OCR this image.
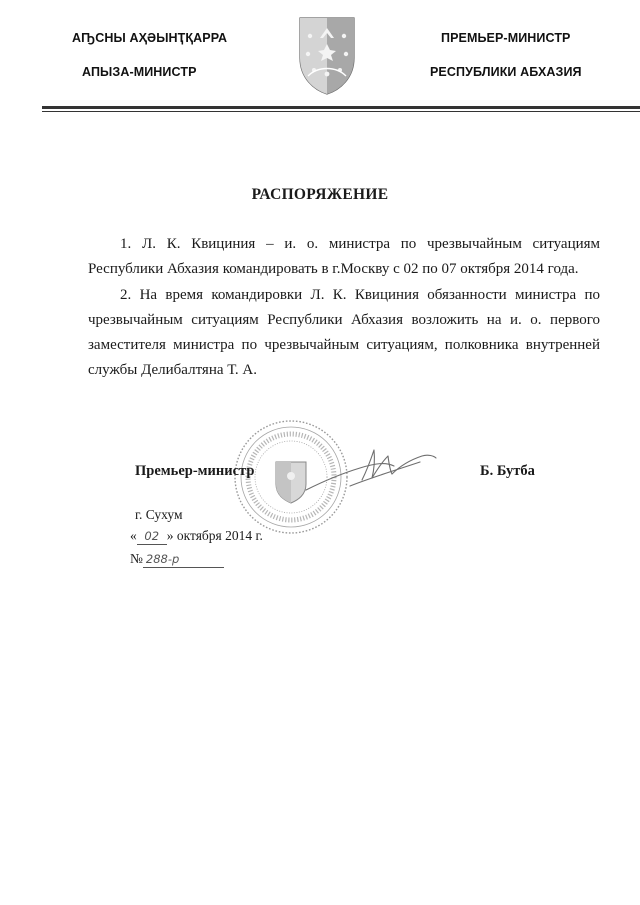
АҦСНЫ АҲӘЫНҬҚАРРА
АПЫЗА-МИНИСТР
ПРЕМЬЕР-МИНИСТР
РЕСПУБЛИКИ АБХАЗИЯ
РАСПОРЯЖЕНИЕ
1. Л. К. Квициния – и. о. министра по чрезвычайным ситуациям Республики Абхазия командировать в г.Москву с 02 по 07 октября 2014 года.
2. На время командировки Л. К. Квициния обязанности министра по чрезвычайным ситуациям Республики Абхазия возложить на и. о. первого заместителя министра по чрезвычайным ситуациям, полковника внутренней службы Делибалтяна Т. А.
Премьер-министр	Б. Бутба
г. Сухум
« 02 » октября 2014 г.
№ 288-р
